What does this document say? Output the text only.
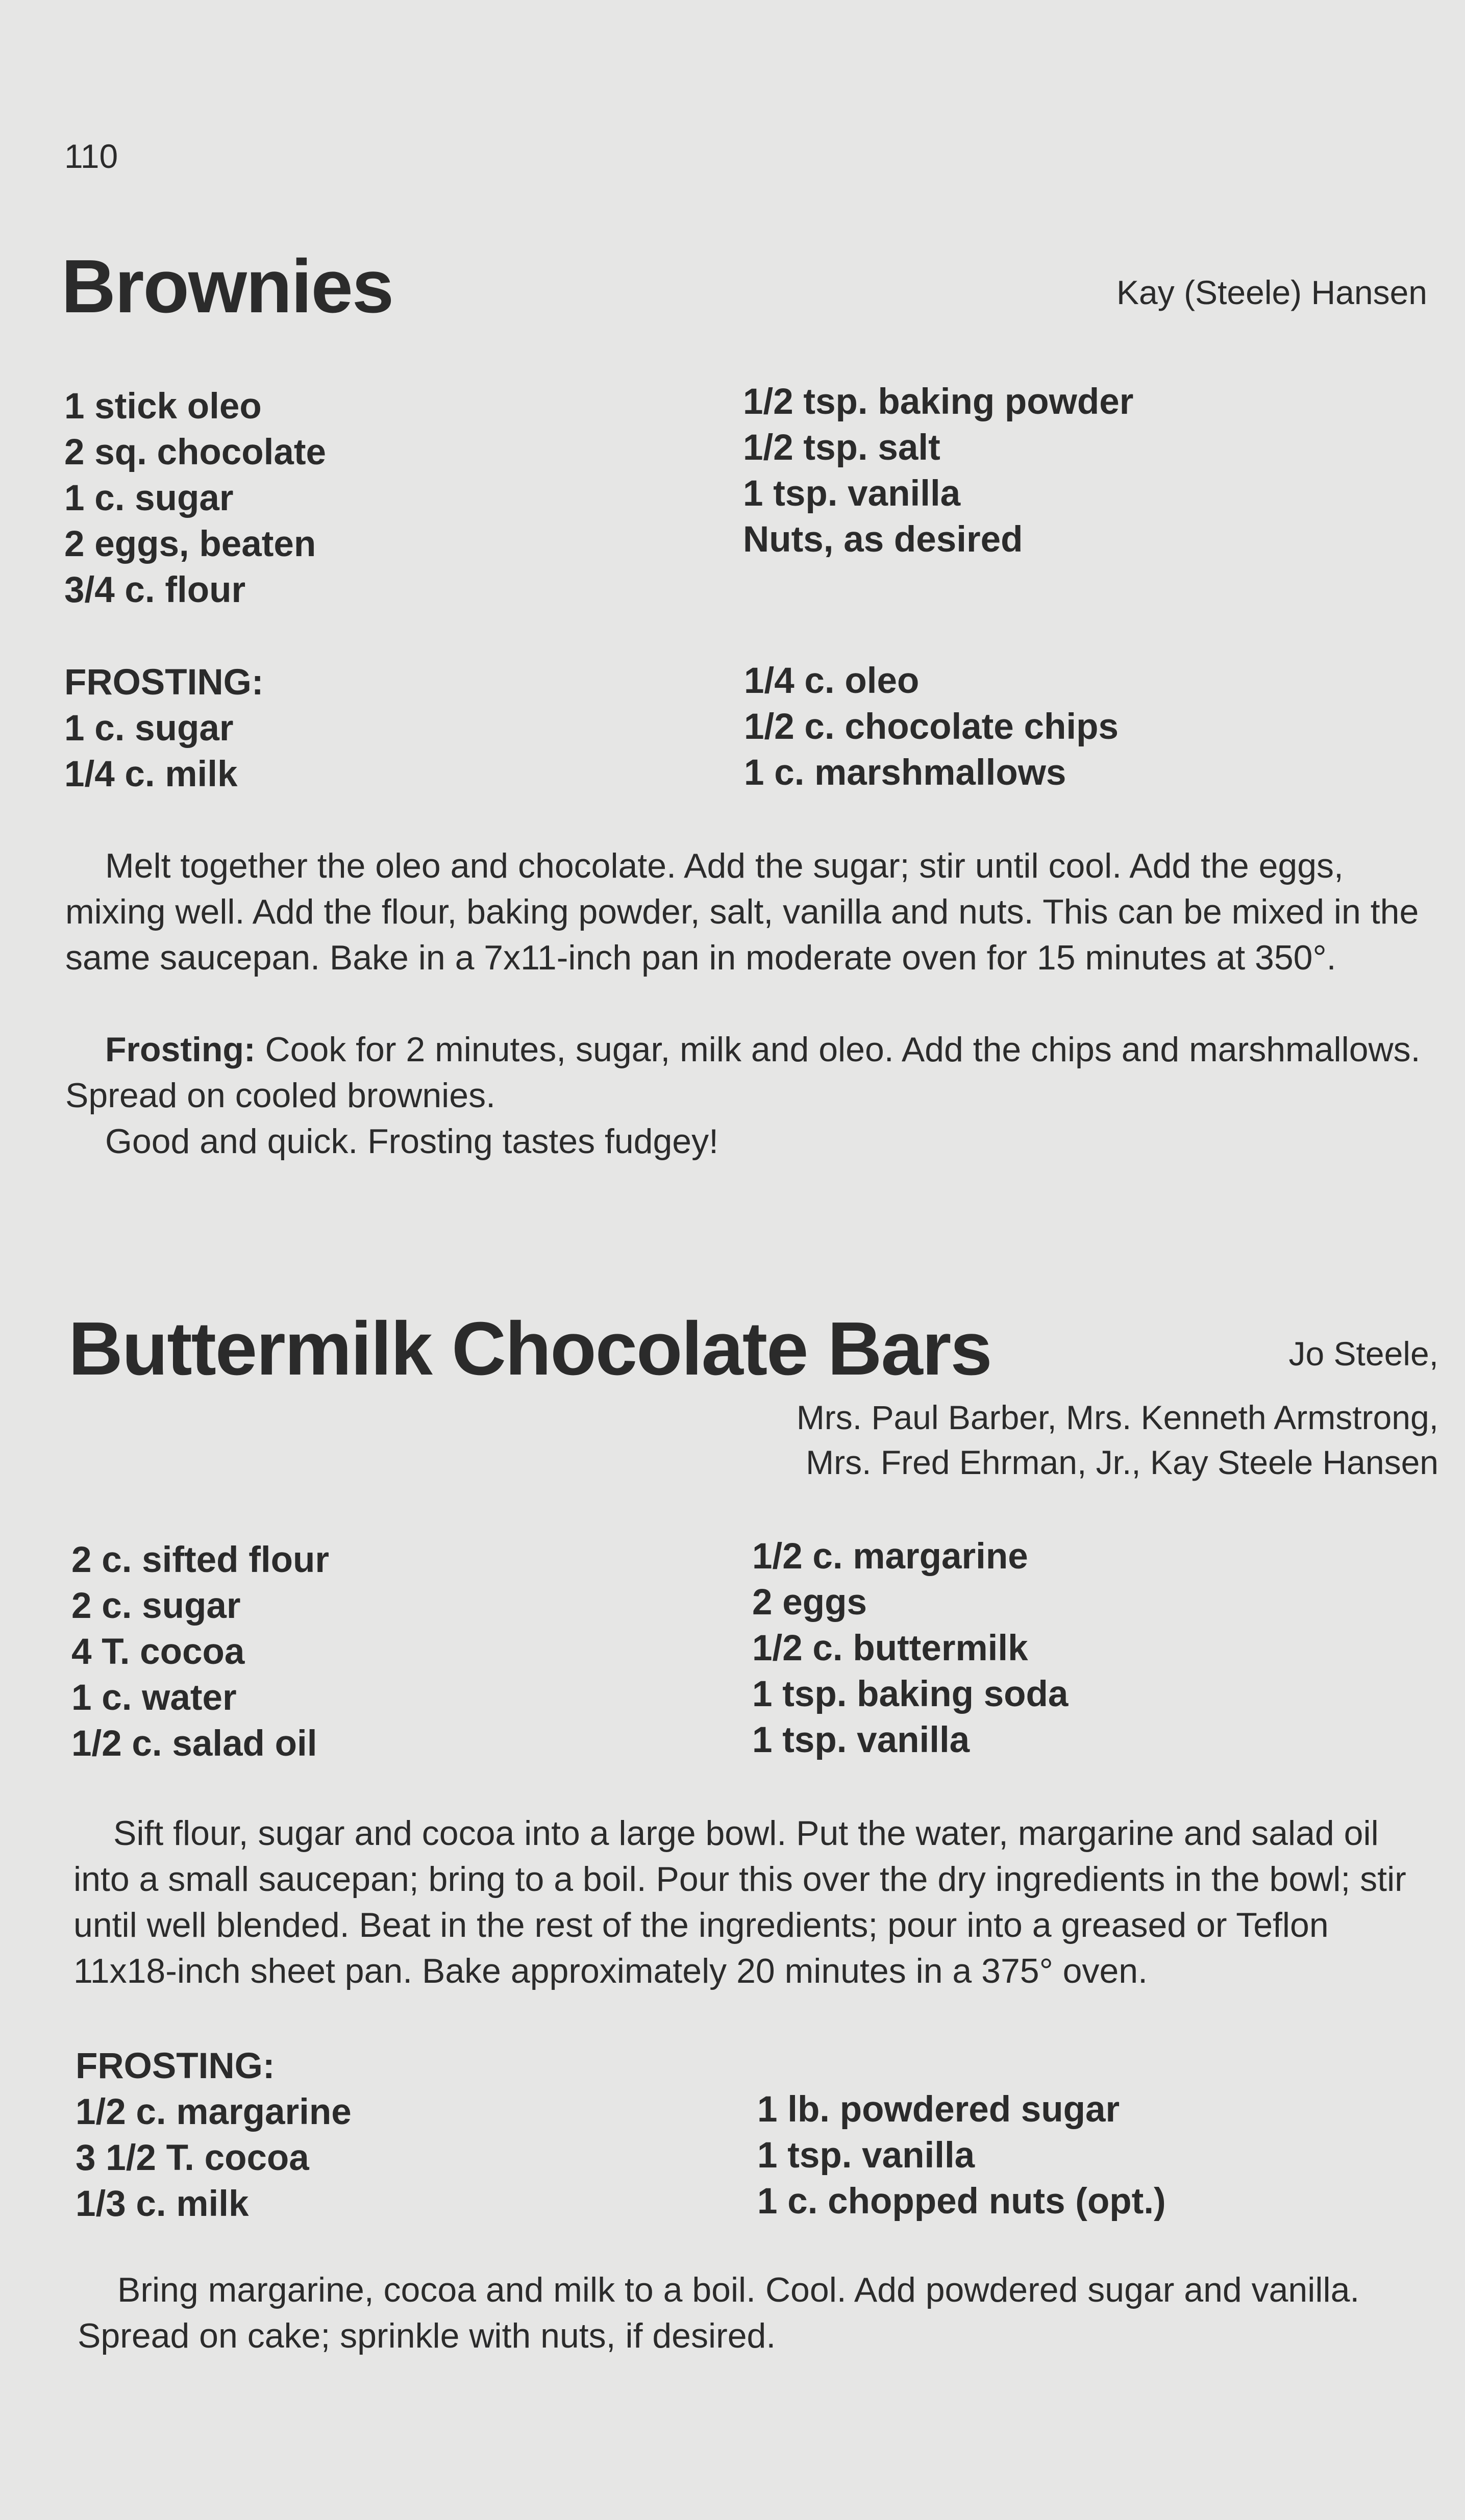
110
Brownies	Kay (Steele) Hansen
1 stick oleo
2 sq. chocolate
1 c. sugar
2 eggs, beaten
3/4 c. flour
1/2 tsp. baking powder
1/2 tsp. salt
1 tsp. vanilla
Nuts, as desired
FROSTING:
1 c. sugar
1/4 c. milk
1/4 c. oleo
1/2 c. chocolate chips
1 c. marshmallows

Melt together the oleo and chocolate. Add the sugar; stir until cool. Add the eggs, mixing well. Add the flour, baking powder, salt, vanilla and nuts. This can be mixed in the same saucepan. Bake in a 7x11-inch pan in moderate oven for 15 minutes at 350°.

Frosting: Cook for 2 minutes, sugar, milk and oleo. Add the chips and marshmallows. Spread on cooled brownies.

Good and quick. Frosting tastes fudgey!

Buttermilk Chocolate Bars	Jo Steele,
Mrs. Paul Barber, Mrs. Kenneth Armstrong,
Mrs. Fred Ehrman, Jr., Kay Steele Hansen
2 c. sifted flour
2 c. sugar
4 T. cocoa
1 c. water
1/2 c. salad oil
1/2 c. margarine
2 eggs
1/2 c. buttermilk
1 tsp. baking soda
1 tsp. vanilla

Sift flour, sugar and cocoa into a large bowl. Put the water, margarine and salad oil into a small saucepan; bring to a boil. Pour this over the dry ingredients in the bowl; stir until well blended. Beat in the rest of the ingredients; pour into a greased or Teflon 11x18-inch sheet pan. Bake approximately 20 minutes in a 375° oven.

FROSTING:
1/2 c. margarine
3 1/2 T. cocoa
1/3 c. milk
1 lb. powdered sugar
1 tsp. vanilla
1 c. chopped nuts (opt.)

Bring margarine, cocoa and milk to a boil. Cool. Add powdered sugar and vanilla. Spread on cake; sprinkle with nuts, if desired.
